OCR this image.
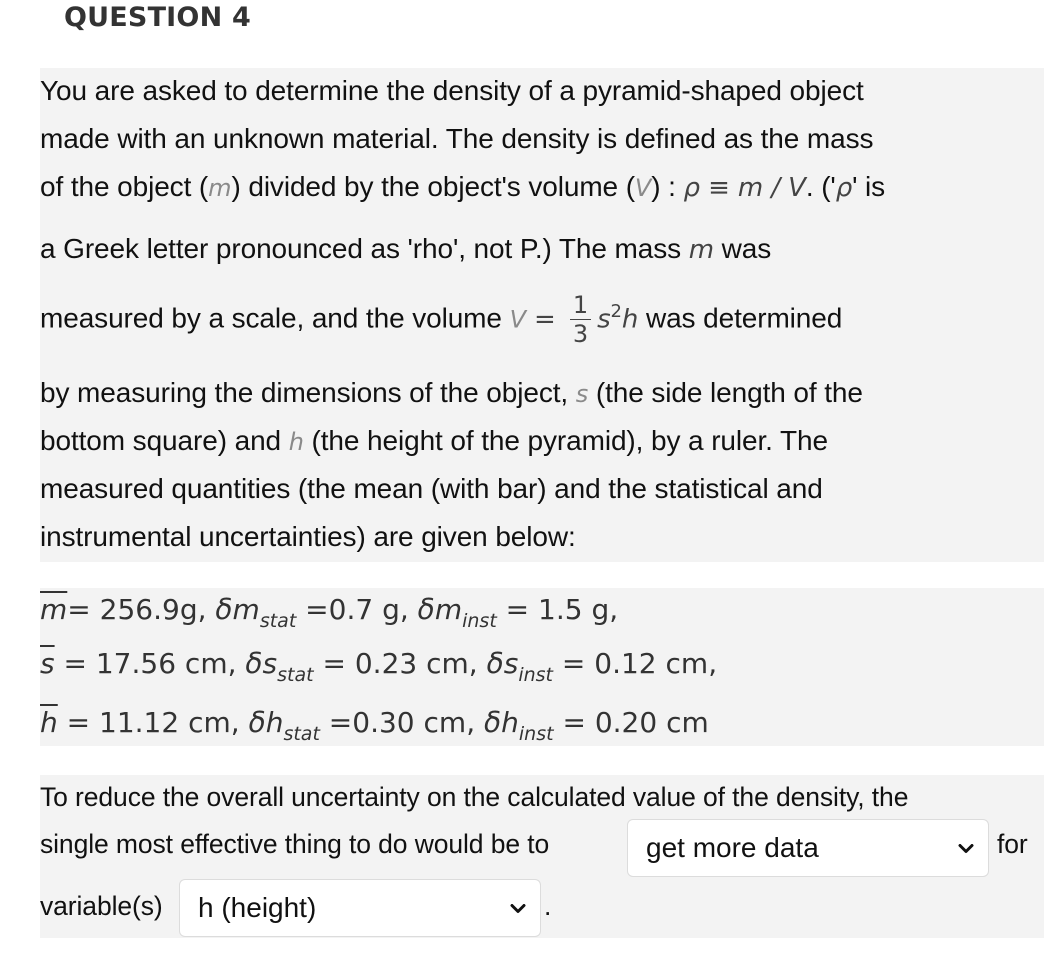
QUESTION 4
You are asked to determine the density of a pyramid-shaped object
made with an unknown material. The density is defined as the mass
of the object (m) divided by the object's volume (V) : ρ ≡ m / V. ('ρ' is
a Greek letter pronounced as 'rho', not P.) The mass m was
measured by a scale, and the volume $V = \frac{1}{3} s^2h$ was determined
by measuring the dimensions of the object, s (the side length of the
bottom square) and h (the height of the pyramid), by a ruler. The
measured quantities (the mean (with bar) and the statistical and
instrumental uncertainties) are given below:
$\overline{m}= 256.9g$, $\delta m_{stat} =0.7$ g, $\delta m_{inst} = 1.5$ g,
$\overline{s} = 17.56$ cm, $\delta s_{stat} = 0.23$ cm, $\delta s_{inst} = 0.12$ cm,
$\overline{h} = 11.12$ cm, $\delta h_{stat} =0.30$ cm, $\delta h_{inst} = 0.20$ cm
To reduce the overall uncertainty on the calculated value of the density, the
single most effective thing to do would be to	get more data	for
variable(s) h (height)	.
